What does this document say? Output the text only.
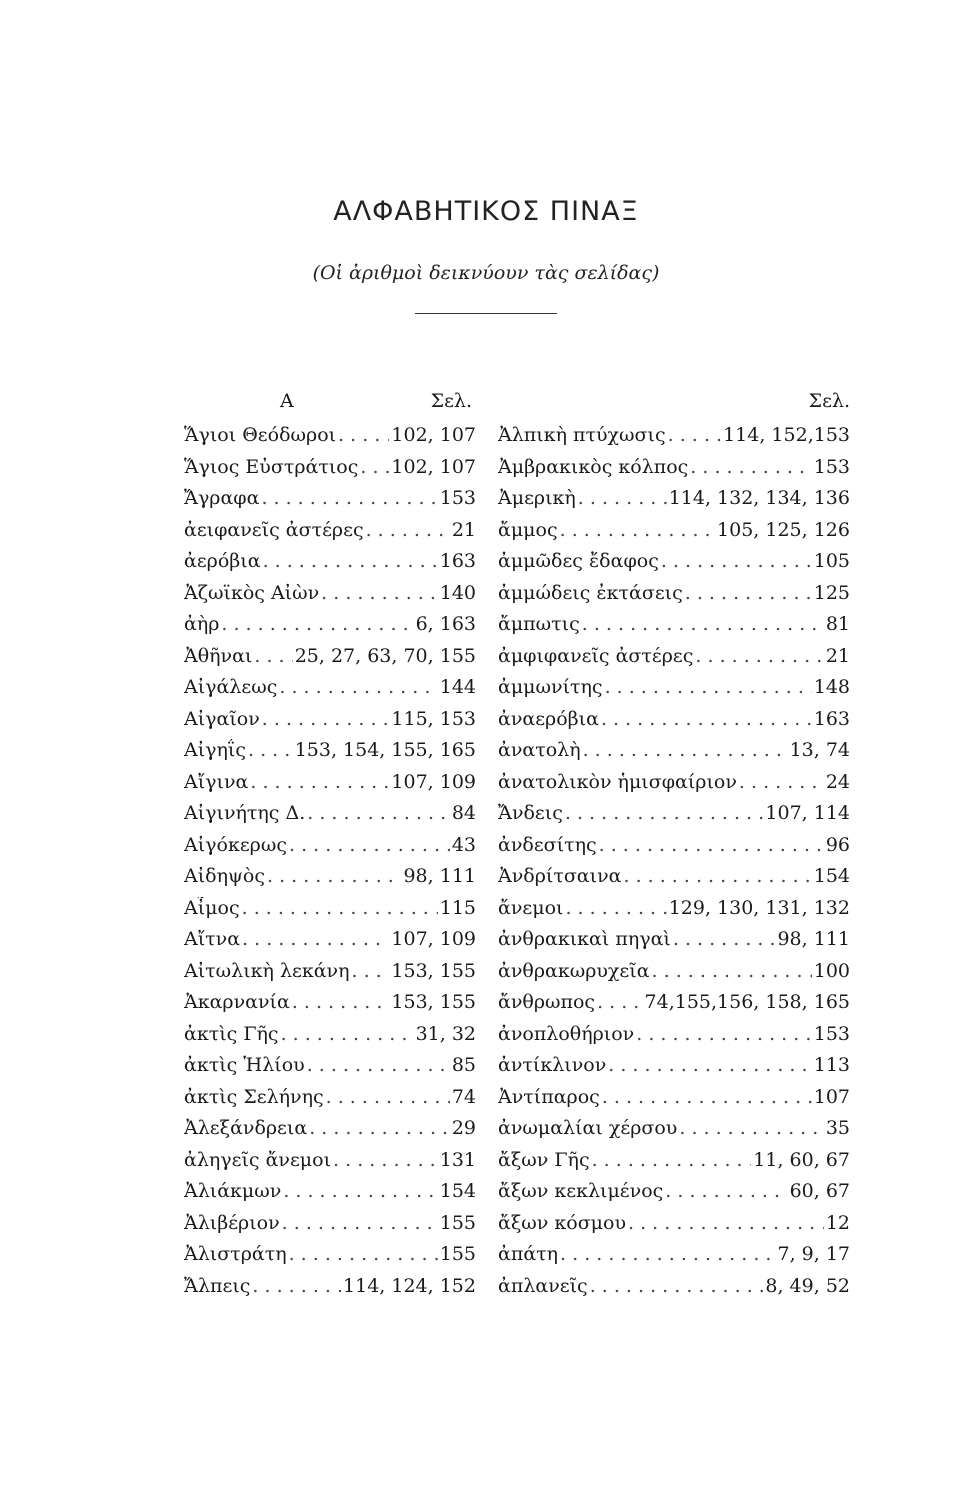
ΑΛΦΑΒΗΤΙΚΟΣ ΠΙΝΑΞ
(Οἱ ἀριθμοὶ δεικνύουν τὰς σελίδας)
Α	Σελ.
Ἅγιοι Θεόδωροι . . .	102, 107
Ἅγιος Εὐστράτιος . . . 102, 107
Ἄγραφα . . .	153
ἀειφανεῖς ἀστέρες . . .	21
ἀερόβια . . .	163
Ἀζωϊκὸς Αἰὼν . . .	140
ἀὴρ . . .	6, 163
Ἀθῆναι . . . 25, 27, 63, 70, 155
Αἰγάλεως . . .	144
Αἰγαῖον . . .	115, 153
Αἰγηΐς . . .	153, 154, 155, 165
Αἴγινα . . .	107, 109
Αἰγινήτης Δ. . . .	84
Αἰγόκερως . . .	43
Αἰδηψὸς . . .	98, 111
Αἶμος . . .	115
Αἴτνα . . .	107, 109
Αἰτωλικὴ λεκάνη . . . 153, 155
Ἀκαρνανία . . .	153, 155
ἀκτὶς Γῆς . . .	31, 32
ἀκτὶς Ἡλίου . . .	85
ἀκτὶς Σελήνης . . .	74
Ἀλεξάνδρεια . . .	29
ἀληγεῖς ἄνεμοι . . .	131
Ἀλιάκμων . . .	154
Ἀλιβέριον . . .	155
Ἀλιστράτη . . .	155
Ἄλπεις . . .	114, 124, 152
Σελ.
Ἀλπικὴ πτύχωσις . . .	114, 152,153
Ἀμβρακικὸς κόλπος . . .	153
Ἀμερικὴ . . .	114, 132, 134, 136
ἄμμος . . .	105, 125, 126
ἀμμῶδες ἔδαφος . . .	105
ἀμμώδεις ἐκτάσεις . . .	125
ἄμπωτις . . .	81
ἀμφιφανεῖς ἀστέρες . . .	21
ἀμμωνίτης . . .	148
ἀναερόβια . . .	163
ἀνατολὴ . . .	13, 74
ἀνατολικὸν ἡμισφαίριον . . .	24
Ἄνδεις . . .	107, 114
ἀνδεσίτης . . .	96
Ἀνδρίτσαινα . . .	154
ἄνεμοι . . .	129, 130, 131, 132
ἀνθρακικαὶ πηγαὶ . . .	98, 111
ἀνθρακωρυχεῖα . . .	100
ἄνθρωπος . . .	74,155,156, 158, 165
ἀνοπλοθήριον . . .	153
ἀντίκλινον . . .	113
Ἀντίπαρος . . .	107
ἀνωμαλίαι χέρσου . . .	35
ἄξων Γῆς . . .	11, 60, 67
ἄξων κεκλιμένος . . .	60, 67
ἄξων κόσμου . . .	12
ἀπάτη . . .	7, 9, 17
ἀπλανεῖς . . .	8, 49, 52
